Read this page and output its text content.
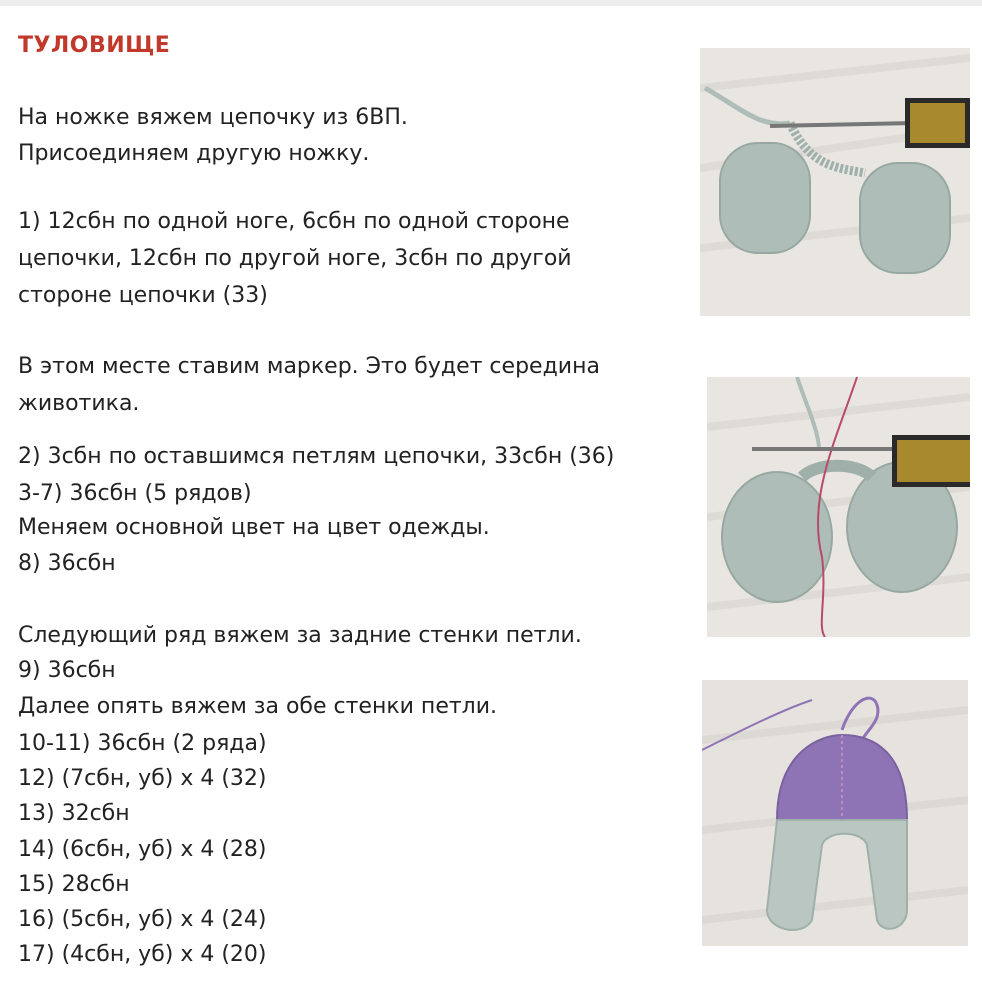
ТУЛОВИЩЕ
На ножке вяжем цепочку из 6ВП.
Присоединяем другую ножку.
1) 12сбн по одной ноге, 6сбн по одной стороне
цепочки, 12сбн по другой ноге, 3сбн по другой
стороне цепочки (33)
В этом месте ставим маркер. Это будет середина
животика.
2) 3сбн по оставшимся петлям цепочки, 33сбн (36)
3-7) 36сбн (5 рядов)
Меняем основной цвет на цвет одежды.
8) 36сбн
Следующий ряд вяжем за задние стенки петли.
9) 36сбн
Далее опять вяжем за обе стенки петли.
10-11) 36сбн (2 ряда)
12) (7сбн, уб) х 4 (32)
13) 32сбн
14) (6сбн, уб) х 4 (28)
15) 28сбн
16) (5сбн, уб) х 4 (24)
17) (4сбн, уб) х 4 (20)
